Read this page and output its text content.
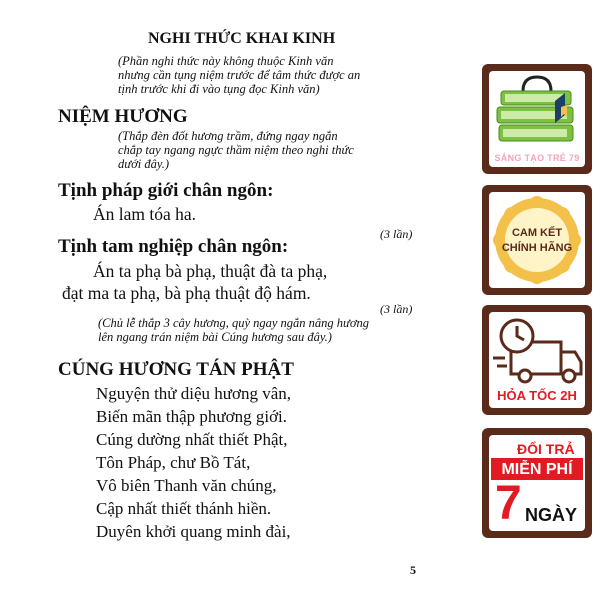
NGHI THỨC KHAI KINH
(Phần nghi thức này không thuộc Kinh văn
nhưng cần tụng niệm trước để tâm thức được an
tịnh trước khi đi vào tụng đọc Kinh văn)
NIỆM HƯƠNG
(Thắp đèn đốt hương trầm, đứng ngay ngắn
chắp tay ngang ngực thầm niệm theo nghi thức
dưới đây.)
Tịnh pháp giới chân ngôn:
Án lam tóa ha.
(3 lần)
Tịnh tam nghiệp chân ngôn:
Án ta phạ bà phạ, thuật đà ta phạ,
đạt ma ta phạ, bà phạ thuật độ hám.
(3 lần)
(Chủ lễ thắp 3 cây hương, quỳ ngay ngắn nâng hương
lên ngang trán niệm bài Cúng hương sau đây.)
CÚNG HƯƠNG TÁN PHẬT
Nguyện thử diệu hương vân,
Biến mãn thập phương giới.
Cúng dường nhất thiết Phật,
Tôn Pháp, chư Bồ Tát,
Vô biên Thanh văn chúng,
Cập nhất thiết thánh hiền.
Duyên khởi quang minh đài,
5
SÁNG TẠO TRẺ 79
CAM KẾT
CHÍNH HÃNG
HỎA TỐC 2H
ĐỔI TRẢ
MIỄN PHÍ
7 NGÀY
